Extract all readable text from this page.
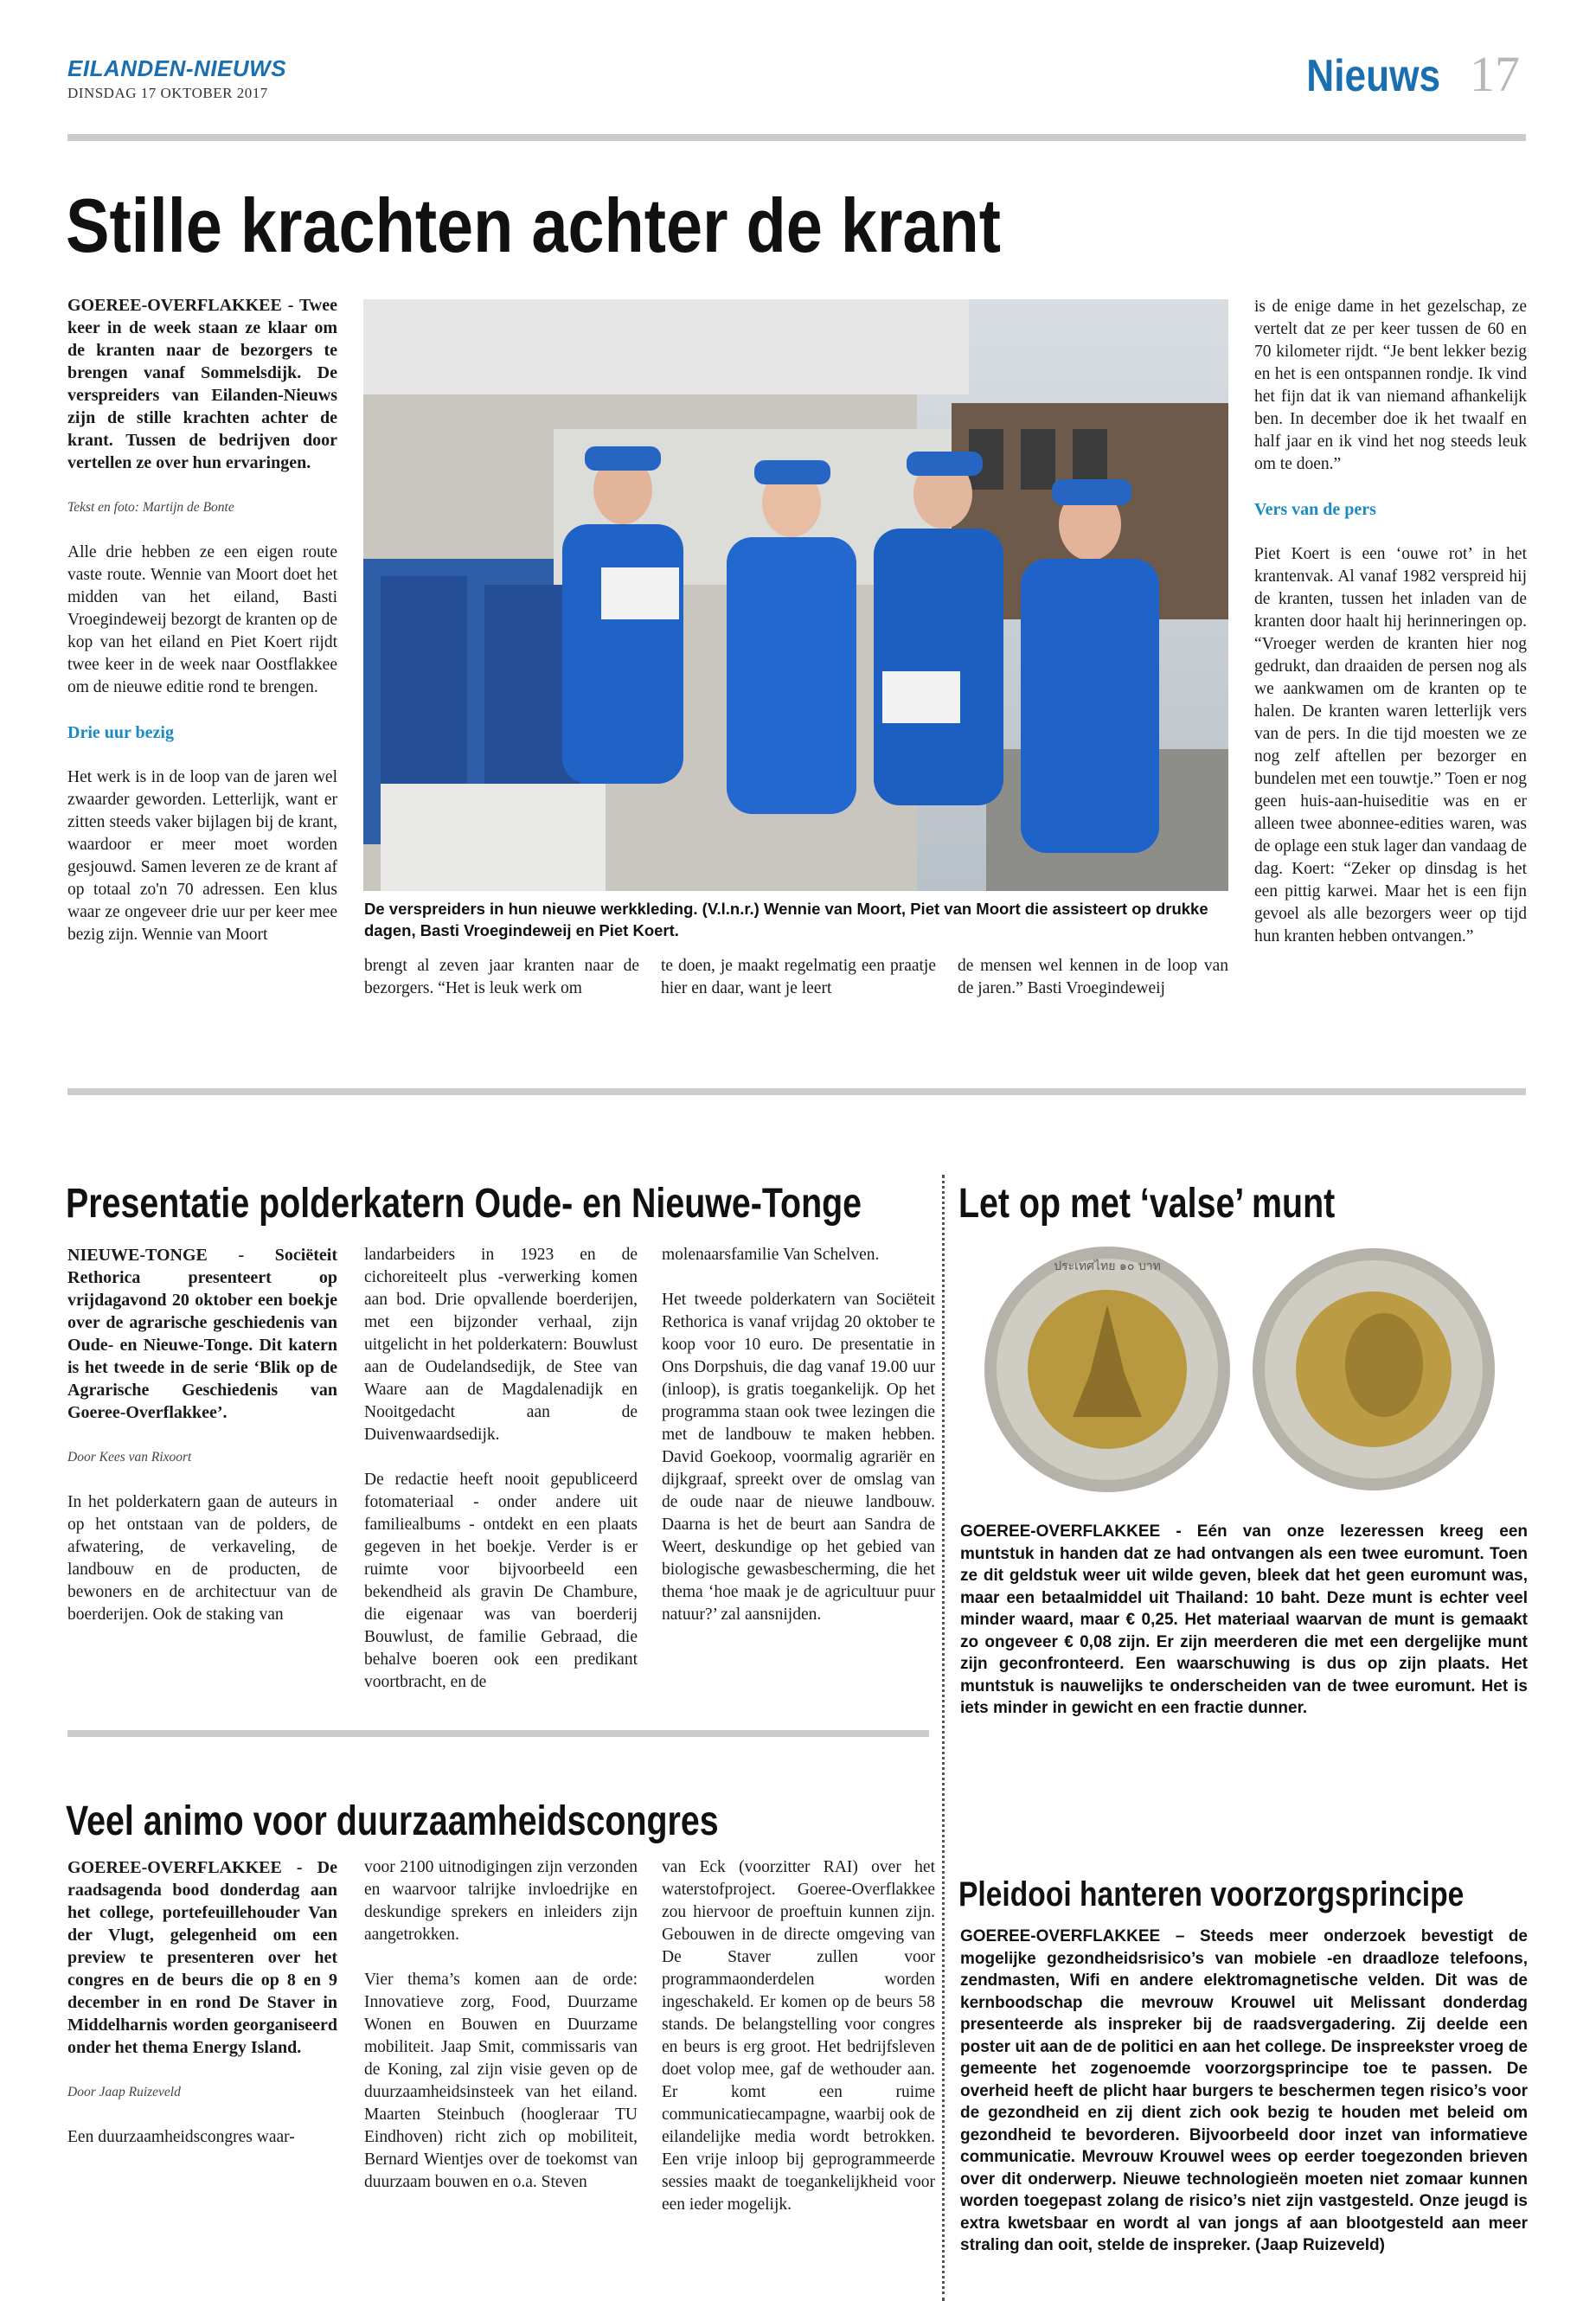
EILANDEN-NIEUWS
DINSDAG 17 OKTOBER 2017	Nieuws 17
Stille krachten achter de krant
GOEREE-OVERFLAKKEE - Twee keer in de week staan ze klaar om de kranten naar de bezorgers te brengen vanaf Sommelsdijk. De verspreiders van Eilanden-Nieuws zijn de stille krachten achter de krant. Tussen de bedrijven door vertellen ze over hun ervaringen.
Tekst en foto: Martijn de Bonte

Alle drie hebben ze een eigen route vaste route. Wennie van Moort doet het midden van het eiland, Basti Vroegindeweij bezorgt de kranten op de kop van het eiland en Piet Koert rijdt twee keer in de week naar Oostflakkee om de nieuwe editie rond te brengen.

Drie uur bezig

Het werk is in de loop van de jaren wel zwaarder geworden. Letterlijk, want er zitten steeds vaker bijlagen bij de krant, waardoor er meer moet worden gesjouwd. Samen leveren ze de krant af op totaal zo'n 70 adressen. Een klus waar ze ongeveer drie uur per keer mee bezig zijn. Wennie van Moort

De verspreiders in hun nieuwe werkkleding. (V.l.n.r.) Wennie van Moort, Piet van Moort die assisteert op drukke dagen, Basti Vroegindeweij en Piet Koert.
brengt al zeven jaar kranten naar de bezorgers. “Het is leuk werk om
te doen, je maakt regelmatig een praatje hier en daar, want je leert
de mensen wel kennen in de loop van de jaren.” Basti Vroegindeweij

is de enige dame in het gezelschap, ze vertelt dat ze per keer tussen de 60 en 70 kilometer rijdt. “Je bent lekker bezig en het is een ontspannen rondje. Ik vind het fijn dat ik van niemand afhankelijk ben. In december doe ik het twaalf en half jaar en ik vind het nog steeds leuk om te doen.”

Vers van de pers

Piet Koert is een ‘ouwe rot’ in het krantenvak. Al vanaf 1982 verspreid hij de kranten, tussen het inladen van de kranten door haalt hij herinneringen op. “Vroeger werden de kranten hier nog gedrukt, dan draaiden de persen nog als we aankwamen om de kranten op te halen. De kranten waren letterlijk vers van de pers. In die tijd moesten we ze nog zelf aftellen per bezorger en bundelen met een touwtje.” Toen er nog geen huis-aan-huiseditie was en er alleen twee abonnee-edities waren, was de oplage een stuk lager dan vandaag de dag. Koert: “Zeker op dinsdag is het een pittig karwei. Maar het is een fijn gevoel als alle bezorgers weer op tijd hun kranten hebben ontvangen.”

Presentatie polderkatern Oude- en Nieuwe-Tonge
NIEUWE-TONGE - Sociëteit Rethorica presenteert op vrijdagavond 20 oktober een boekje over de agrarische geschiedenis van Oude- en Nieuwe-Tonge. Dit katern is het tweede in de serie ‘Blik op de Agrarische Geschiedenis van Goeree-Overflakkee’.
Door Kees van Rixoort

In het polderkatern gaan de auteurs in op het ontstaan van de polders, de afwatering, de verkaveling, de landbouw en de producten, de bewoners en de architectuur van de boerderijen. Ook de staking van

landarbeiders in 1923 en de cichoreiteelt plus -verwerking komen aan bod. Drie opvallende boerderijen, met een bijzonder verhaal, zijn uitgelicht in het polderkatern: Bouwlust aan de Oudelandsedijk, de Stee van Waare aan de Magdalenadijk en Nooitgedacht aan de Duivenwaardsedijk.

De redactie heeft nooit gepubliceerd fotomateriaal - onder andere uit familiealbums - ontdekt en een plaats gegeven in het boekje. Verder is er ruimte voor bijvoorbeeld een bekendheid als gravin De Chambure, die eigenaar was van boerderij Bouwlust, de familie Gebraad, die behalve boeren ook een predikant voortbracht, en de

molenaarsfamilie Van Schelven.

Het tweede polderkatern van Sociëteit Rethorica is vanaf vrijdag 20 oktober te koop voor 10 euro. De presentatie in Ons Dorpshuis, die dag vanaf 19.00 uur (inloop), is gratis toegankelijk. Op het programma staan ook twee lezingen die met de landbouw te maken hebben. David Goekoop, voormalig agrariër en dijkgraaf, spreekt over de omslag van de oude naar de nieuwe landbouw. Daarna is het de beurt aan Sandra de Weert, deskundige op het gebied van biologische gewasbescherming, die het thema ‘hoe maak je de agricultuur puur natuur?’ zal aansnijden.

Let op met ‘valse’ munt
ประเทศไทย ๑๐ บาท
GOEREE-OVERFLAKKEE - Eén van onze lezeressen kreeg een muntstuk in handen dat ze had ontvangen als een twee euromunt. Toen ze dit geldstuk weer uit wilde geven, bleek dat het geen euromunt was, maar een betaalmiddel uit Thailand: 10 baht. Deze munt is echter veel minder waard, maar € 0,25. Het materiaal waarvan de munt is gemaakt zo ongeveer € 0,08 zijn. Er zijn meerderen die met een dergelijke munt zijn geconfronteerd. Een waarschuwing is dus op zijn plaats. Het muntstuk is nauwelijks te onderscheiden van de twee euromunt. Het is iets minder in gewicht en een fractie dunner.
Veel animo voor duurzaamheidscongres
GOEREE-OVERFLAKKEE - De raadsagenda bood donderdag aan het college, portefeuillehouder Van der Vlugt, gelegenheid om een preview te presenteren over het congres en de beurs die op 8 en 9 december in en rond De Staver in Middelharnis worden georganiseerd onder het thema Energy Island.
Door Jaap Ruizeveld

Een duurzaamheidscongres waar-

voor 2100 uitnodigingen zijn verzonden en waarvoor talrijke invloedrijke en deskundige sprekers en inleiders zijn aangetrokken.

Vier thema’s komen aan de orde: Innovatieve zorg, Food, Duurzame Wonen en Bouwen en Duurzame mobiliteit. Jaap Smit, commissaris van de Koning, zal zijn visie geven op de duurzaamheidsinsteek van het eiland. Maarten Steinbuch (hoogleraar TU Eindhoven) richt zich op mobiliteit, Bernard Wientjes over de toekomst van duurzaam bouwen en o.a. Steven

van Eck (voorzitter RAI) over het waterstofproject. Goeree-Overflakkee zou hiervoor de proeftuin kunnen zijn. Gebouwen in de directe omgeving van De Staver zullen voor programmaonderdelen worden ingeschakeld. Er komen op de beurs 58 stands. De belangstelling voor congres en beurs is erg groot. Het bedrijfsleven doet volop mee, gaf de wethouder aan. Er komt een ruime communicatiecampagne, waarbij ook de eilandelijke media wordt betrokken. Een vrije inloop bij geprogrammeerde sessies maakt de toegankelijkheid voor een ieder mogelijk.
Pleidooi hanteren voorzorgsprincipe
GOEREE-OVERFLAKKEE – Steeds meer onderzoek bevestigt de mogelijke gezondheidsrisico’s van mobiele -en draadloze telefoons, zendmasten, Wifi en andere elektromagnetische velden. Dit was de kernboodschap die mevrouw Krouwel uit Melissant donderdag presenteerde als inspreker bij de raadsvergadering. Zij deelde een poster uit aan de de politici en aan het college. De inspreekster vroeg de gemeente het zogenoemde voorzorgsprincipe toe te passen. De overheid heeft de plicht haar burgers te beschermen tegen risico’s voor de gezondheid en zij dient zich ook bezig te houden met beleid om gezondheid te bevorderen. Bijvoorbeeld door inzet van informatieve communicatie. Mevrouw Krouwel wees op eerder toegezonden brieven over dit onderwerp. Nieuwe technologieën moeten niet zomaar kunnen worden toegepast zolang de risico’s niet zijn vastgesteld. Onze jeugd is extra kwetsbaar en wordt al van jongs af aan blootgesteld aan meer straling dan ooit, stelde de inspreker. (Jaap Ruizeveld)
